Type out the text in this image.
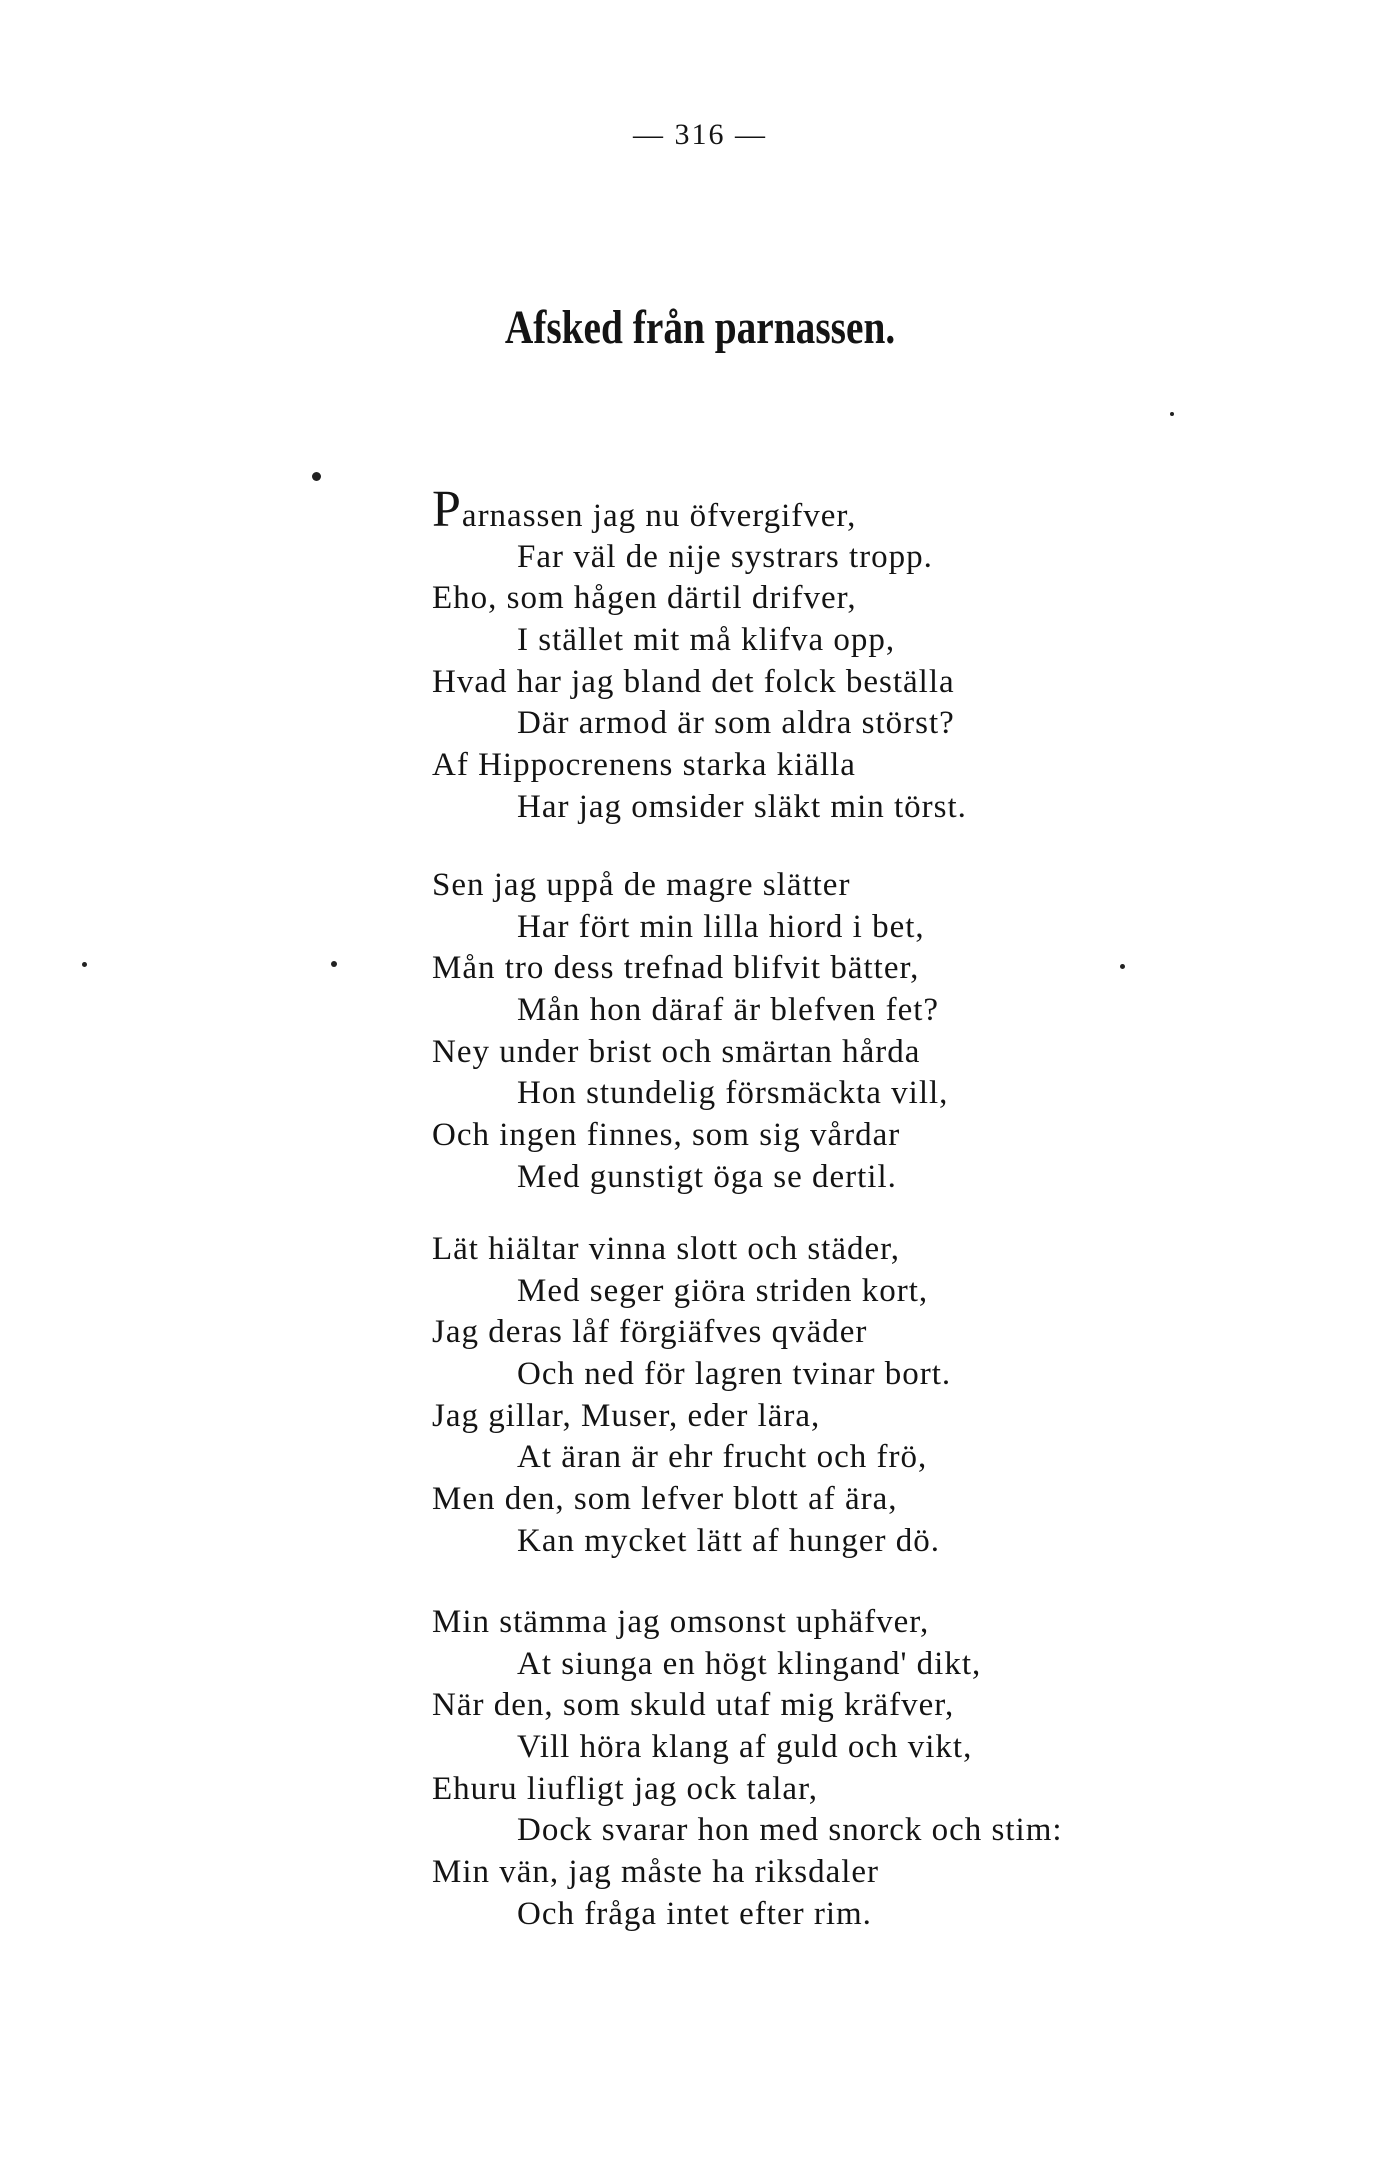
— 316 —
Afsked från parnassen.
Parnassen jag nu öfvergifver,
Far väl de nije systrars tropp.
Eho, som hågen därtil drifver,
I stället mit må klifva opp,
Hvad har jag bland det folck beställa
Där armod är som aldra störst?
Af Hippocrenens starka kiälla
Har jag omsider släkt min törst.
Sen jag uppå de magre slätter
Har fört min lilla hiord i bet,
Mån tro dess trefnad blifvit bätter,
Mån hon däraf är blefven fet?
Ney under brist och smärtan hårda
Hon stundelig försmäckta vill,
Och ingen finnes, som sig vårdar
Med gunstigt öga se dertil.
Lät hiältar vinna slott och städer,
Med seger giöra striden kort,
Jag deras låf förgiäfves qväder
Och ned för lagren tvinar bort.
Jag gillar, Muser, eder lära,
At äran är ehr frucht och frö,
Men den, som lefver blott af ära,
Kan mycket lätt af hunger dö.
Min stämma jag omsonst uphäfver,
At siunga en högt klingand' dikt,
När den, som skuld utaf mig kräfver,
Vill höra klang af guld och vikt,
Ehuru liufligt jag ock talar,
Dock svarar hon med snorck och stim:
Min vän, jag måste ha riksdaler
Och fråga intet efter rim.
